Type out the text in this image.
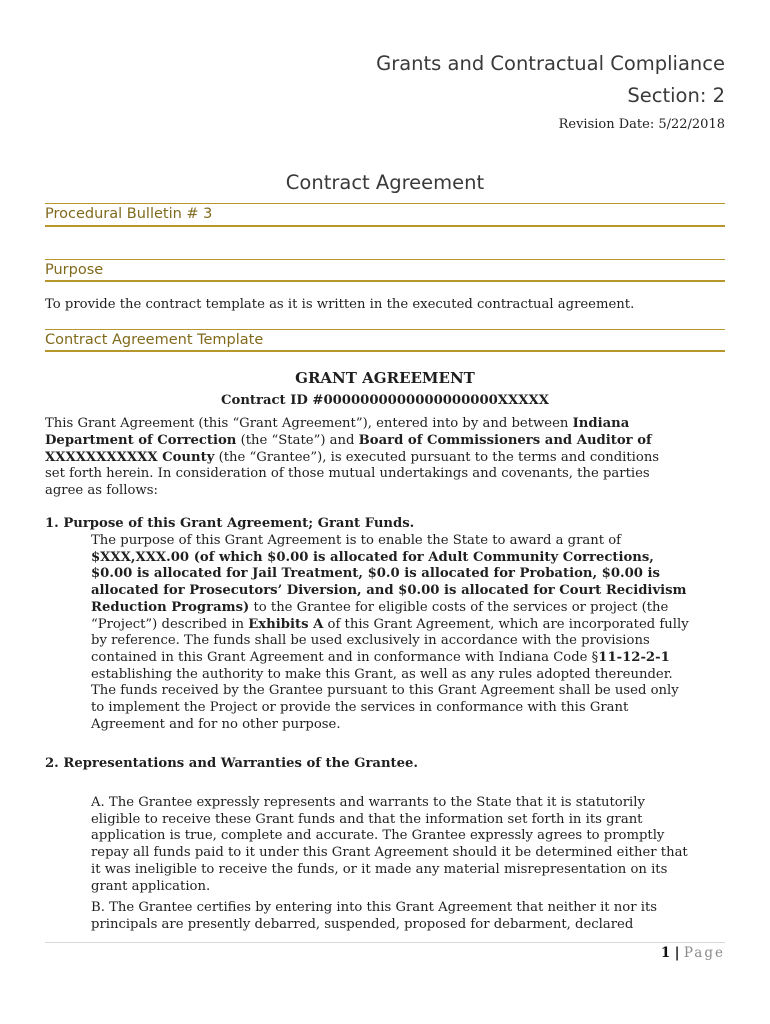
Grants and Contractual Compliance
Section: 2
Revision Date: 5/22/2018
Contract Agreement
Procedural Bulletin # 3
Purpose
To provide the contract template as it is written in the executed contractual agreement.
Contract Agreement Template
GRANT AGREEMENT
Contract ID #0000000000000000000XXXXX
This Grant Agreement (this “Grant Agreement”), entered into by and between Indiana
Department of Correction (the “State”) and Board of Commissioners and Auditor of
XXXXXXXXXXX County (the “Grantee”), is executed pursuant to the terms and conditions
set forth herein. In consideration of those mutual undertakings and covenants, the parties
agree as follows:
1. Purpose of this Grant Agreement; Grant Funds.
The purpose of this Grant Agreement is to enable the State to award a grant of
$XXX,XXX.00 (of which $0.00 is allocated for Adult Community Corrections,
$0.00 is allocated for Jail Treatment, $0.0 is allocated for Probation, $0.00 is
allocated for Prosecutors’ Diversion, and $0.00 is allocated for Court Recidivism
Reduction Programs) to the Grantee for eligible costs of the services or project (the
“Project”) described in Exhibits A of this Grant Agreement, which are incorporated fully
by reference. The funds shall be used exclusively in accordance with the provisions
contained in this Grant Agreement and in conformance with Indiana Code §11-12-2-1
establishing the authority to make this Grant, as well as any rules adopted thereunder.
The funds received by the Grantee pursuant to this Grant Agreement shall be used only
to implement the Project or provide the services in conformance with this Grant
Agreement and for no other purpose.
2. Representations and Warranties of the Grantee.
A. The Grantee expressly represents and warrants to the State that it is statutorily
eligible to receive these Grant funds and that the information set forth in its grant
application is true, complete and accurate. The Grantee expressly agrees to promptly
repay all funds paid to it under this Grant Agreement should it be determined either that
it was ineligible to receive the funds, or it made any material misrepresentation on its
grant application.
B. The Grantee certifies by entering into this Grant Agreement that neither it nor its
principals are presently debarred, suspended, proposed for debarment, declared
1 | Page
